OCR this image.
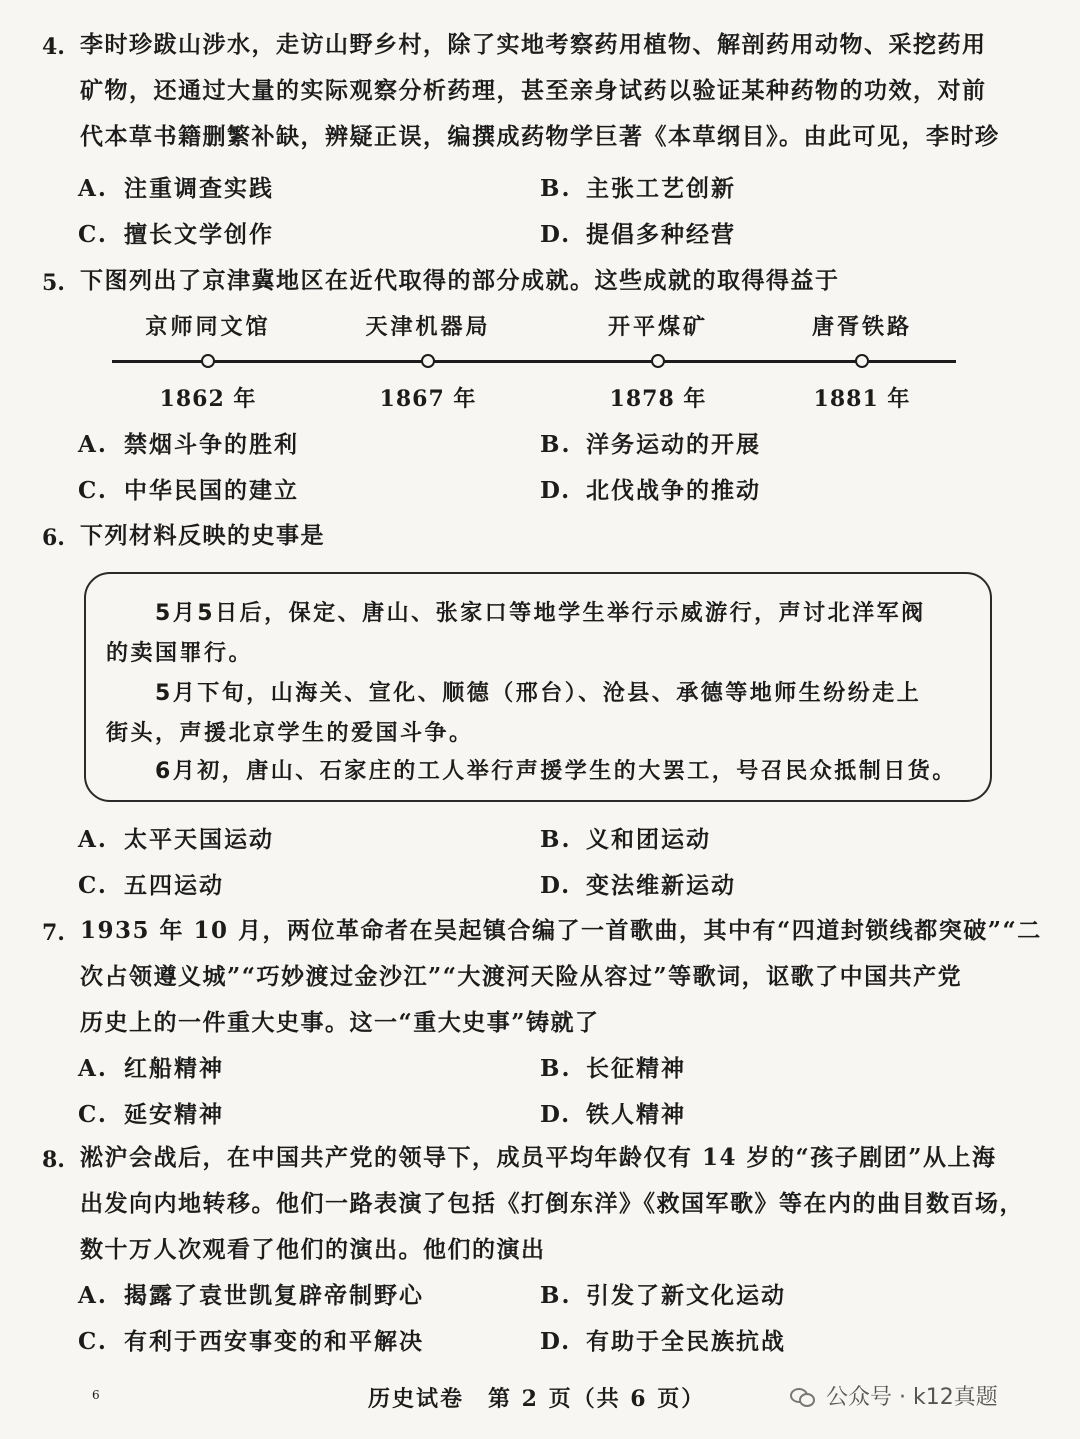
4. 李时珍跋山涉水，走访山野乡村，除了实地考察药用植物、解剖药用动物、采挖药用
矿物，还通过大量的实际观察分析药理，甚至亲身试药以验证某种药物的功效，对前
代本草书籍删繁补缺，辨疑正误，编撰成药物学巨著《本草纲目》。由此可见，李时珍
A. 注重调查实践	B. 主张工艺创新
C. 擅长文学创作	D. 提倡多种经营
5. 下图列出了京津冀地区在近代取得的部分成就。这些成就的取得得益于
京师同文馆
1862 年
天津机器局
1867 年
开平煤矿
1878 年
唐胥铁路
1881 年
A. 禁烟斗争的胜利	B. 洋务运动的开展
C. 中华民国的建立	D. 北伐战争的推动
6. 下列材料反映的史事是
　　5月5日后，保定、唐山、张家口等地学生举行示威游行，声讨北洋军阀
的卖国罪行。
　　5月下旬，山海关、宣化、顺德（邢台）、沧县、承德等地师生纷纷走上
街头，声援北京学生的爱国斗争。
　　6月初，唐山、石家庄的工人举行声援学生的大罢工，号召民众抵制日货。
A. 太平天国运动	B. 义和团运动
C. 五四运动	D. 变法维新运动
7. 1935 年 10 月，两位革命者在吴起镇合编了一首歌曲，其中有“四道封锁线都突破”“二
次占领遵义城”“巧妙渡过金沙江”“大渡河天险从容过”等歌词，讴歌了中国共产党
历史上的一件重大史事。这一“重大史事”铸就了
A. 红船精神	B. 长征精神
C. 延安精神	D. 铁人精神
8. 淞沪会战后，在中国共产党的领导下，成员平均年龄仅有 14 岁的“孩子剧团”从上海
出发向内地转移。他们一路表演了包括《打倒东洋》《救国军歌》等在内的曲目数百场，
数十万人次观看了他们的演出。他们的演出
A. 揭露了袁世凯复辟帝制野心	B. 引发了新文化运动
C. 有利于西安事变的和平解决	D. 有助于全民族抗战
6	历史试卷　第 2 页（共 6 页）	公众号 · k12真题
